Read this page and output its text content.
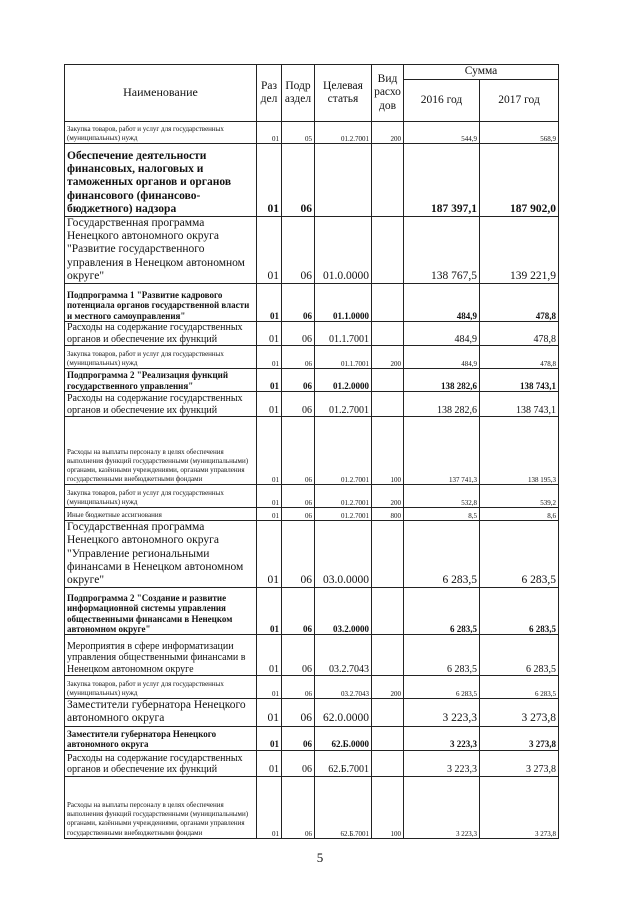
Наименование	Раз дел	Подр аздел	Целевая статья	Вид расхо дов	Сумма	
					2016 год	2017 год
Закупка товаров, работ и услуг для государственных (муниципальных) нужд	01	05	01.2.7001	200	544,9	568,9
Обеспечение деятельности финансовых, налоговых и таможенных органов и органов финансового (финансово-бюджетного) надзора	01	06			187 397,1	187 902,0
Государственная программа Ненецкого автономного округа "Развитие государственного управления в Ненецком автономном округе"	01	06	01.0.0000		138 767,5	139 221,9
Подпрограмма 1 "Развитие кадрового потенциала органов государственной власти и местного самоуправления"	01	06	01.1.0000		484,9	478,8
Расходы на содержание государственных органов и обеспечение их функций	01	06	01.1.7001		484,9	478,8
Закупка товаров, работ и услуг для государственных (муниципальных) нужд	01	06	01.1.7001	200	484,9	478,8
Подпрограмма 2 "Реализация функций государственного управления"	01	06	01.2.0000		138 282,6	138 743,1
Расходы на содержание государственных органов и обеспечение их функций	01	06	01.2.7001		138 282,6	138 743,1
Расходы на выплаты персоналу в целях обеспечения выполнения функций государственными (муниципальными) органами, казёнными учреждениями, органами управления государственными внебюджетными фондами	01	06	01.2.7001	100	137 741,3	138 195,3
Закупка товаров, работ и услуг для государственных (муниципальных) нужд	01	06	01.2.7001	200	532,8	539,2
Иные бюджетные ассигнования	01	06	01.2.7001	800	8,5	8,6
Государственная программа Ненецкого автономного округа "Управление региональными финансами в Ненецком автономном округе"	01	06	03.0.0000		6 283,5	6 283,5
Подпрограмма 2 "Создание и развитие информационной системы управления общественными финансами в Ненецком автономном округе"	01	06	03.2.0000		6 283,5	6 283,5
Мероприятия в сфере информатизации управления общественными финансами в Ненецком автономном округе	01	06	03.2.7043		6 283,5	6 283,5
Закупка товаров, работ и услуг для государственных (муниципальных) нужд	01	06	03.2.7043	200	6 283,5	6 283,5
Заместители губернатора Ненецкого автономного округа	01	06	62.0.0000		3 223,3	3 273,8
Заместители губернатора Ненецкого автономного округа	01	06	62.Б.0000		3 223,3	3 273,8
Расходы на содержание государственных органов и обеспечение их функций	01	06	62.Б.7001		3 223,3	3 273,8
Расходы на выплаты персоналу в целях обеспечения выполнения функций государственными (муниципальными) органами, казёнными учреждениями, органами управления государственными внебюджетными фондами	01	06	62.Б.7001	100	3 223,3	3 273,8
5
